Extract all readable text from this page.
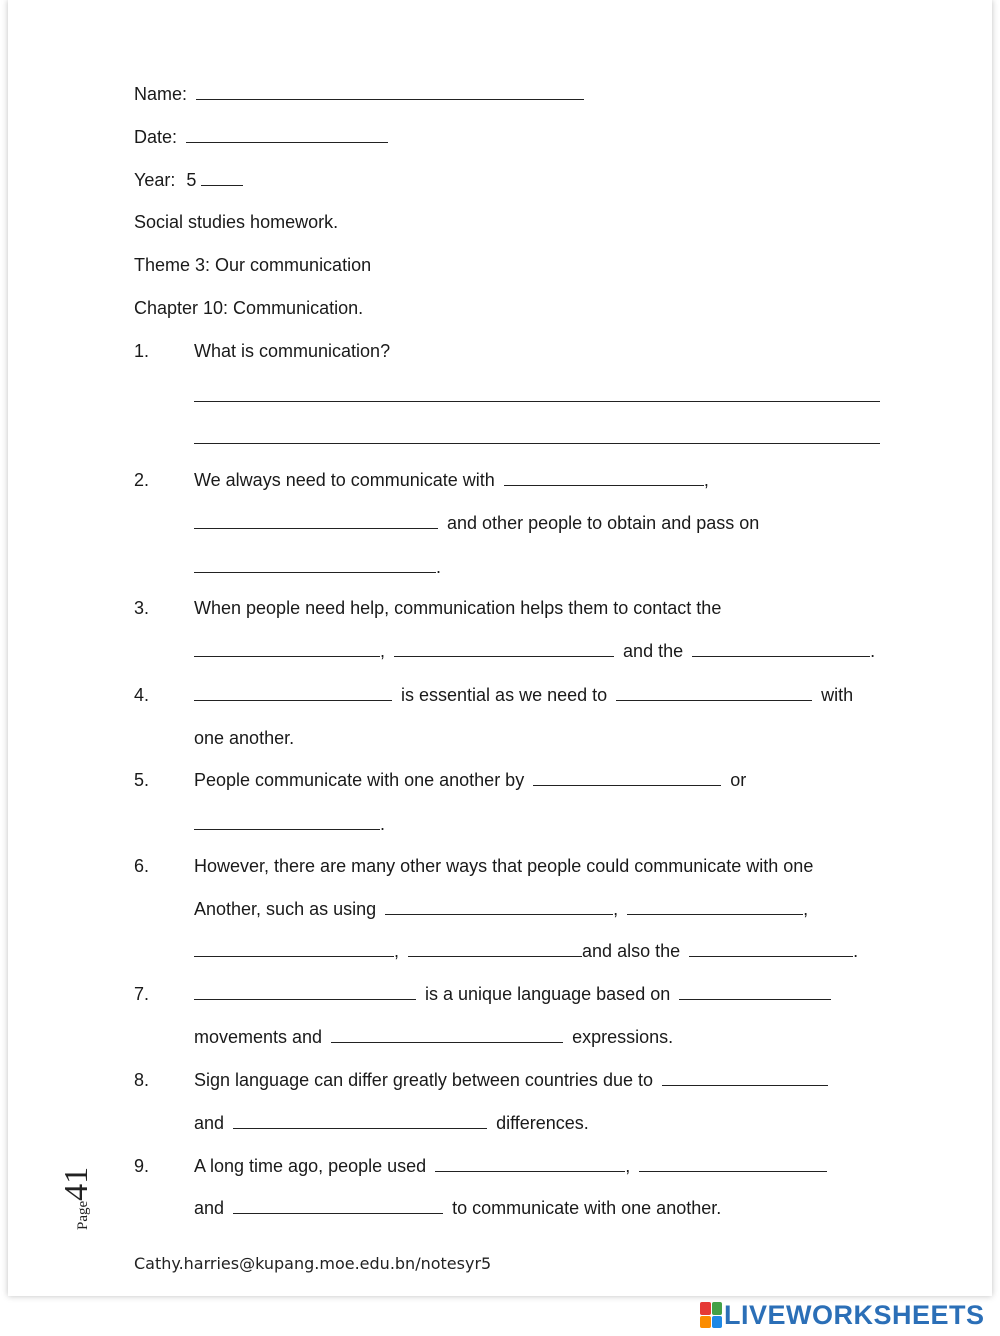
Name:
Date:
Year: 5
Social studies homework.
Theme 3: Our communication
Chapter 10: Communication.
1. What is communication?
2. We always need to communicate with	,
and other people to obtain and pass on
.
3. When people need help, communication helps them to contact the
,	and the	.
4.	is essential as we need to	with
one another.
5. People communicate with one another by	or
.
6. However, there are many other ways that people could communicate with one
Another, such as using	,	,
,	and also the	.
7.	is a unique language based on
movements and	expressions.
8. Sign language can differ greatly between countries due to
and	differences.
9. A long time ago, people used	,
and	to communicate with one another.
Page41
Cathy.harries@kupang.moe.edu.bn/notesyr5
LIVEWORKSHEETS
